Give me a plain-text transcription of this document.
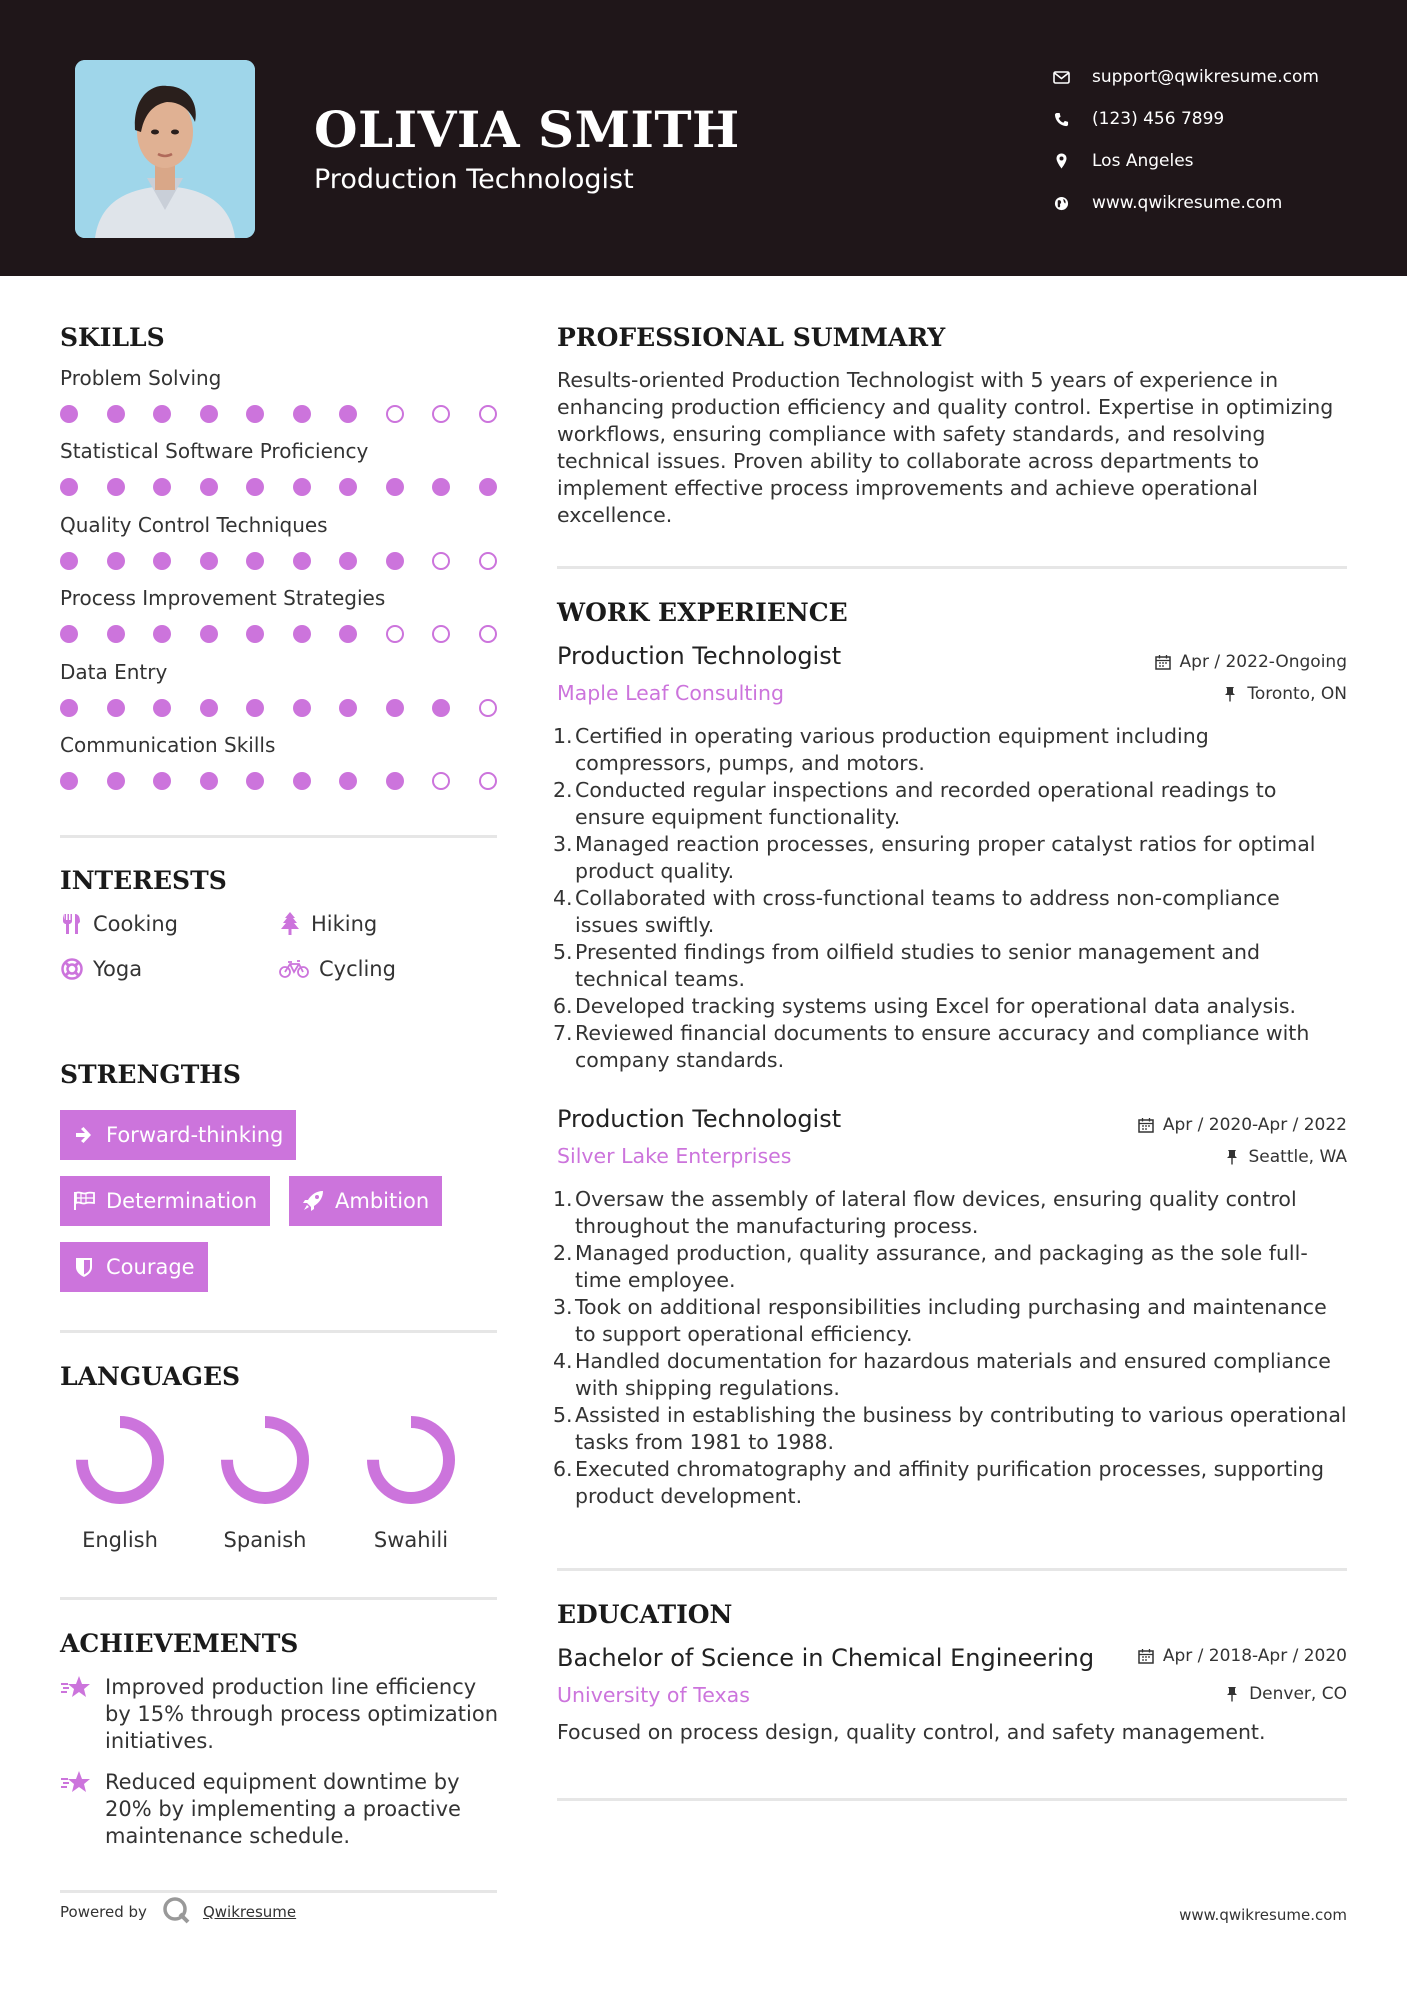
OLIVIA SMITH
Production Technologist
support@qwikresume.com
(123) 456 7899
Los Angeles
www.qwikresume.com
SKILLS
Problem Solving
Statistical Software Proficiency
Quality Control Techniques
Process Improvement Strategies
Data Entry
Communication Skills
INTERESTS
Cooking	Hiking
Yoga	Cycling
STRENGTHS
Forward-thinking
Determination	Ambition
Courage
LANGUAGES
English	Spanish	Swahili
ACHIEVEMENTS
Improved production line efficiency by 15% through process optimization initiatives.
Reduced equipment downtime by 20% by implementing a proactive maintenance schedule.
PROFESSIONAL SUMMARY
Results-oriented Production Technologist with 5 years of experience in enhancing production efficiency and quality control. Expertise in optimizing workflows, ensuring compliance with safety standards, and resolving technical issues. Proven ability to collaborate across departments to implement effective process improvements and achieve operational excellence.
WORK EXPERIENCE
Production Technologist
Maple Leaf Consulting
Apr / 2022-Ongoing
Toronto, ON
1. Certified in operating various production equipment including compressors, pumps, and motors.
2. Conducted regular inspections and recorded operational readings to ensure equipment functionality.
3. Managed reaction processes, ensuring proper catalyst ratios for optimal product quality.
4. Collaborated with cross-functional teams to address non-compliance issues swiftly.
5. Presented findings from oilfield studies to senior management and technical teams.
6. Developed tracking systems using Excel for operational data analysis.
7. Reviewed financial documents to ensure accuracy and compliance with company standards.
Production Technologist
Silver Lake Enterprises
Apr / 2020-Apr / 2022
Seattle, WA
1. Oversaw the assembly of lateral flow devices, ensuring quality control throughout the manufacturing process.
2. Managed production, quality assurance, and packaging as the sole full-time employee.
3. Took on additional responsibilities including purchasing and maintenance to support operational efficiency.
4. Handled documentation for hazardous materials and ensured compliance with shipping regulations.
5. Assisted in establishing the business by contributing to various operational tasks from 1981 to 1988.
6. Executed chromatography and affinity purification processes, supporting product development.
EDUCATION
Bachelor of Science in Chemical Engineering
University of Texas
Apr / 2018-Apr / 2020
Denver, CO
Focused on process design, quality control, and safety management.
Powered by	Qwikresume	www.qwikresume.com
